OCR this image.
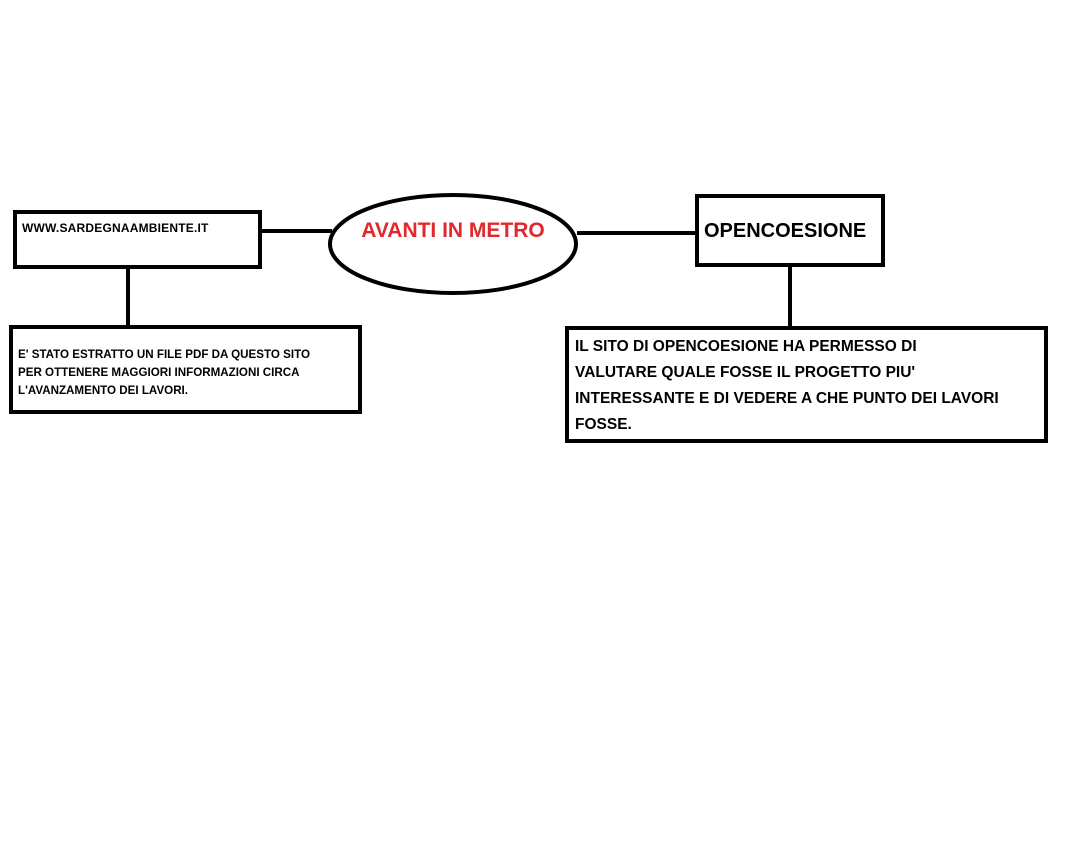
AVANTI IN METRO
WWW.SARDEGNAAMBIENTE.IT
E' STATO ESTRATTO UN FILE PDF DA QUESTO SITO
PER OTTENERE MAGGIORI INFORMAZIONI CIRCA
L'AVANZAMENTO DEI LAVORI.
OPENCOESIONE
IL SITO DI OPENCOESIONE HA PERMESSO DI
VALUTARE QUALE FOSSE IL PROGETTO PIU'
INTERESSANTE E DI VEDERE A CHE PUNTO DEI LAVORI
FOSSE.
